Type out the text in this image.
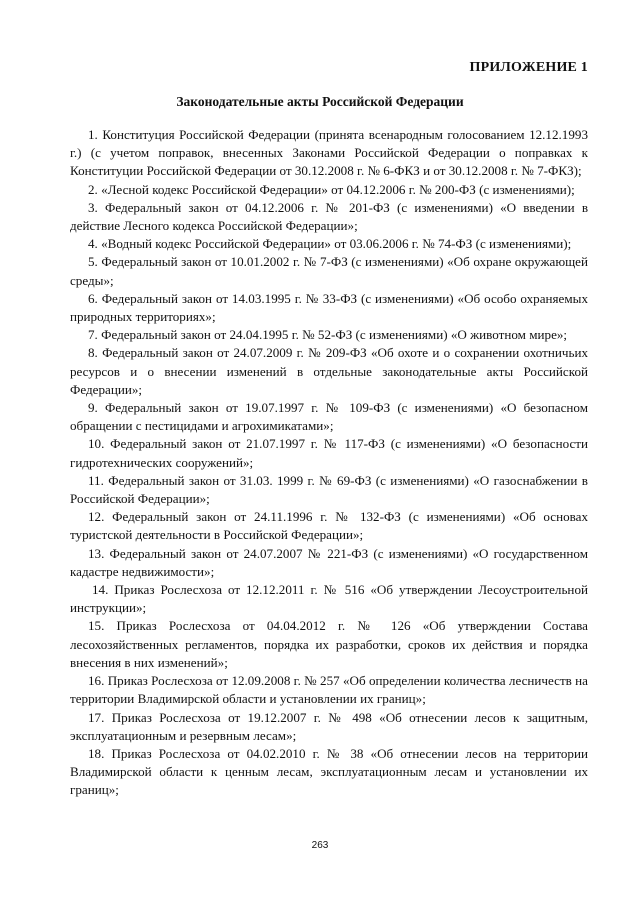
ПРИЛОЖЕНИЕ 1
Законодательные акты Российской Федерации

1. Конституция Российской Федерации (принята всенародным голосованием 12.12.1993 г.) (с учетом поправок, внесенных Законами Российской Федерации о поправках к Конституции Российской Федерации от 30.12.2008 г. № 6-ФКЗ и от 30.12.2008 г. № 7-ФКЗ);

2. «Лесной кодекс Российской Федерации» от 04.12.2006 г. № 200-ФЗ (с изменениями);

3. Федеральный закон от 04.12.2006 г. № 201-ФЗ (с изменениями) «О введении в действие Лесного кодекса Российской Федерации»;

4. «Водный кодекс Российской Федерации» от 03.06.2006 г. № 74-ФЗ (с изменениями);

5. Федеральный закон от 10.01.2002 г. № 7-ФЗ (с изменениями) «Об охране окружающей среды»;

6. Федеральный закон от 14.03.1995 г. № 33-ФЗ (с изменениями) «Об особо охраняемых природных территориях»;

7. Федеральный закон от 24.04.1995 г. № 52-ФЗ (с изменениями) «О животном мире»;

8. Федеральный закон от 24.07.2009 г. № 209-ФЗ «Об охоте и о сохранении охотничьих ресурсов и о внесении изменений в отдельные законодательные акты Российской Федерации»;

9. Федеральный закон от 19.07.1997 г. № 109-ФЗ (с изменениями) «О безопасном обращении с пестицидами и агрохимикатами»;

10. Федеральный закон от 21.07.1997 г. № 117-ФЗ (с изменениями) «О безопасности гидротехнических сооружений»;

11. Федеральный закон от 31.03. 1999 г. № 69-ФЗ (с изменениями) «О газоснабжении в Российской Федерации»;

12. Федеральный закон от 24.11.1996 г. № 132-ФЗ (с изменениями) «Об основах туристской деятельности в Российской Федерации»;

13. Федеральный закон от 24.07.2007 № 221-ФЗ (с изменениями) «О государственном кадастре недвижимости»;

14. Приказ Рослесхоза от 12.12.2011 г. № 516 «Об утверждении Лесоустроительной инструкции»;

15. Приказ Рослесхоза от 04.04.2012 г. № 126 «Об утверждении Состава лесохозяйственных регламентов, порядка их разработки, сроков их действия и порядка внесения в них изменений»;

16. Приказ Рослесхоза от 12.09.2008 г. № 257 «Об определении количества лесничеств на территории Владимирской области и установлении их границ»;

17. Приказ Рослесхоза от 19.12.2007 г. № 498 «Об отнесении лесов к защитным, эксплуатационным и резервным лесам»;

18. Приказ Рослесхоза от 04.02.2010 г. № 38 «Об отнесении лесов на территории Владимирской области к ценным лесам, эксплуатационным лесам и установлении их границ»;

263
